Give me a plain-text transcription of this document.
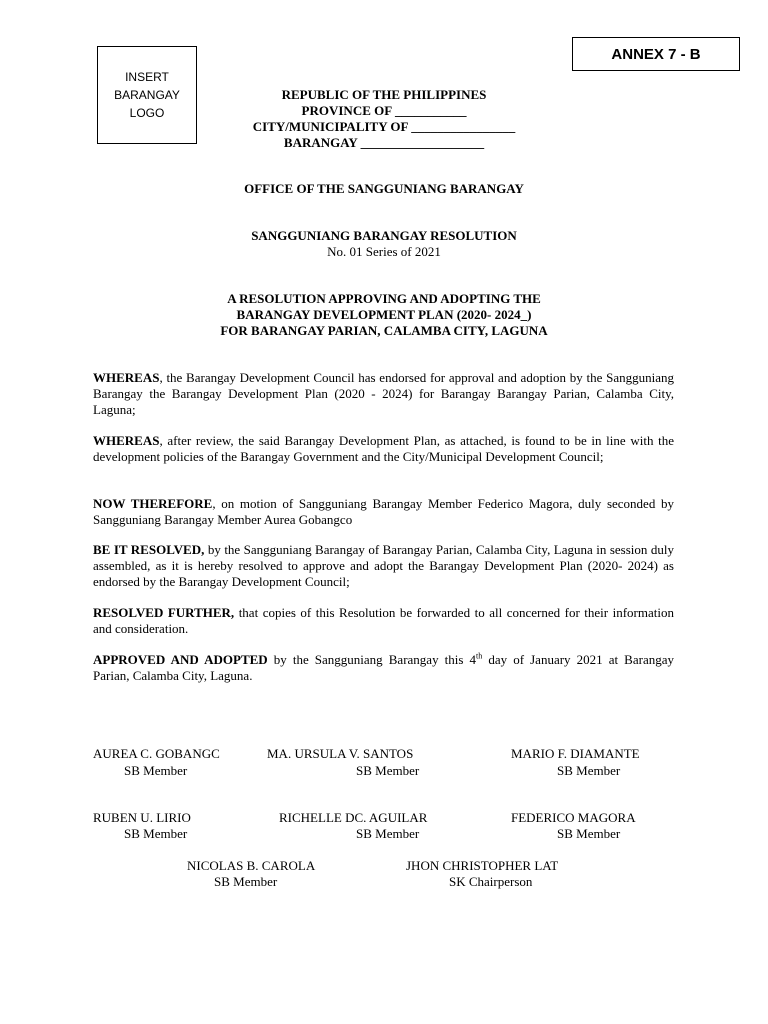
INSERT
BARANGAY
LOGO
ANNEX 7 - B
REPUBLIC OF THE PHILIPPINES
PROVINCE OF ___________
CITY/MUNICIPALITY OF ________________
BARANGAY ___________________
OFFICE OF THE SANGGUNIANG BARANGAY
SANGGUNIANG BARANGAY RESOLUTION
No. 01 Series of 2021
A RESOLUTION APPROVING AND ADOPTING THE
BARANGAY DEVELOPMENT PLAN (2020- 2024_)
FOR BARANGAY PARIAN, CALAMBA CITY, LAGUNA

WHEREAS, the Barangay Development Council has endorsed for approval and adoption by the Sangguniang Barangay the Barangay Development Plan (2020 - 2024) for Barangay Barangay Parian, Calamba City, Laguna;

WHEREAS, after review, the said Barangay Development Plan, as attached, is found to be in line with the development policies of the Barangay Government and the City/Municipal Development Council;

NOW THEREFORE, on motion of Sangguniang Barangay Member Federico Magora, duly seconded by Sangguniang Barangay Member Aurea Gobangco

BE IT RESOLVED, by the Sangguniang Barangay of Barangay Parian, Calamba City, Laguna in session duly assembled, as it is hereby resolved to approve and adopt the Barangay Development Plan (2020- 2024) as endorsed by the Barangay Development Council;

RESOLVED FURTHER, that copies of this Resolution be forwarded to all concerned for their information and consideration.

APPROVED AND ADOPTED by the Sangguniang Barangay this 4th day of January 2021 at Barangay Parian, Calamba City, Laguna.

AUREA C. GOBANGC
SB Member
MA. URSULA V. SANTOS
SB Member
MARIO F. DIAMANTE
SB Member
RUBEN U. LIRIO
SB Member
RICHELLE DC. AGUILAR
SB Member
FEDERICO MAGORA
SB Member
NICOLAS B. CAROLA
SB Member
JHON CHRISTOPHER LAT
SK Chairperson
